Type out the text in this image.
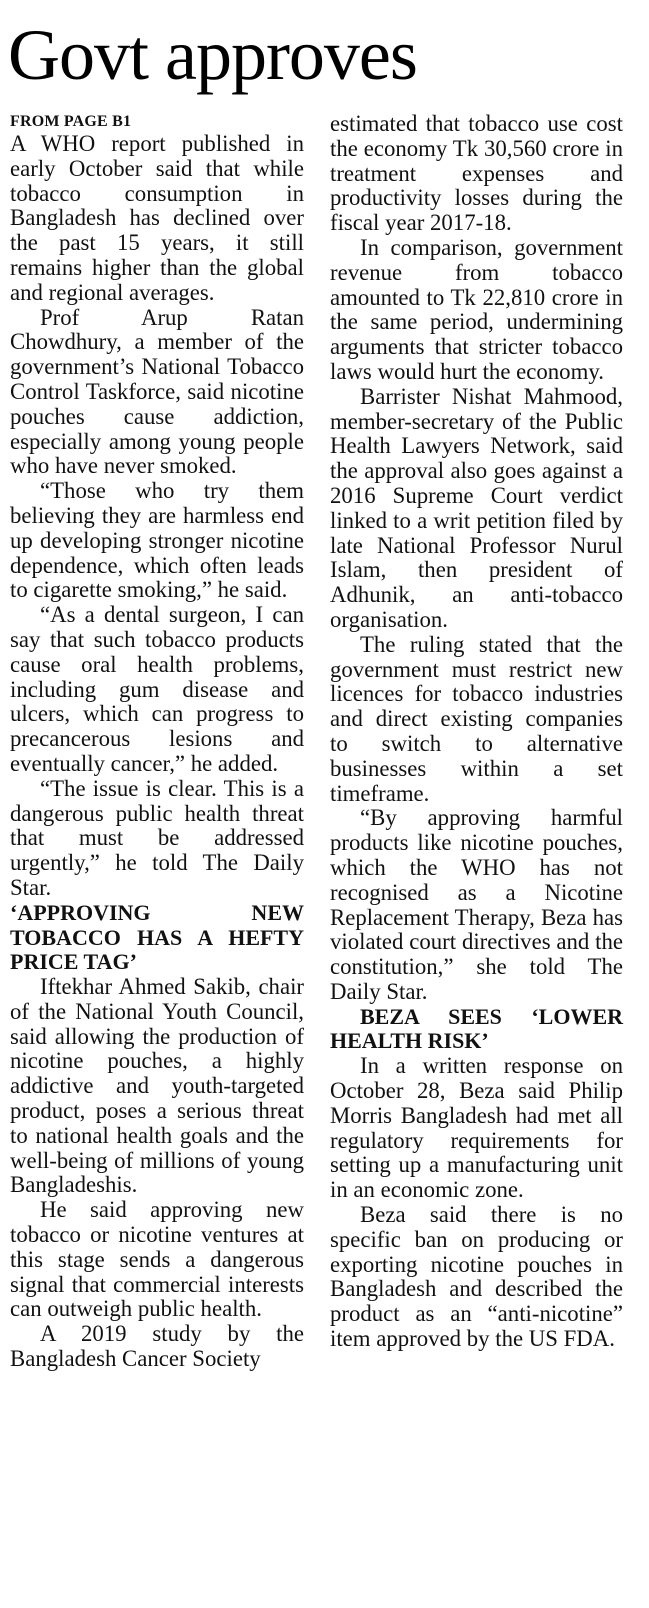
Govt approves
FROM PAGE B1

A WHO report published in early October said that while tobacco consumption in Bangladesh has declined over the past 15 years, it still remains higher than the global and regional averages.

Prof Arup Ratan Chowdhury, a member of the government’s National Tobacco Control Taskforce, said nicotine pouches cause addiction, especially among young people who have never smoked.

“Those who try them believing they are harmless end up developing stronger nicotine dependence, which often leads to cigarette smoking,” he said.

“As a dental surgeon, I can say that such tobacco products cause oral health problems, including gum disease and ulcers, which can progress to precancerous lesions and eventually cancer,” he added.

“The issue is clear. This is a dangerous public health threat that must be addressed urgently,” he told The Daily Star.

‘APPROVING NEW TOBACCO HAS A HEFTY PRICE TAG’

Iftekhar Ahmed Sakib, chair of the National Youth Council, said allowing the production of nicotine pouches, a highly addictive and youth-targeted product, poses a serious threat to national health goals and the well-being of millions of young Bangladeshis.

He said approving new tobacco or nicotine ventures at this stage sends a dangerous signal that commercial interests can outweigh public health.

A 2019 study by the Bangladesh Cancer Society

estimated that tobacco use cost the economy Tk 30,560 crore in treatment expenses and productivity losses during the fiscal year 2017-18.

In comparison, government revenue from tobacco amounted to Tk 22,810 crore in the same period, undermining arguments that stricter tobacco laws would hurt the economy.

Barrister Nishat Mahmood, member-secretary of the Public Health Lawyers Network, said the approval also goes against a 2016 Supreme Court verdict linked to a writ petition filed by late National Professor Nurul Islam, then president of Adhunik, an anti-tobacco organisation.

The ruling stated that the government must restrict new licences for tobacco industries and direct existing companies to switch to alternative businesses within a set timeframe.

“By approving harmful products like nicotine pouches, which the WHO has not recognised as a Nicotine Replacement Therapy, Beza has violated court directives and the constitution,” she told The Daily Star.

BEZA SEES ‘LOWER HEALTH RISK’

In a written response on October 28, Beza said Philip Morris Bangladesh had met all regulatory requirements for setting up a manufacturing unit in an economic zone.

Beza said there is no specific ban on producing or exporting nicotine pouches in Bangladesh and described the product as an “anti-nicotine” item approved by the US FDA.
